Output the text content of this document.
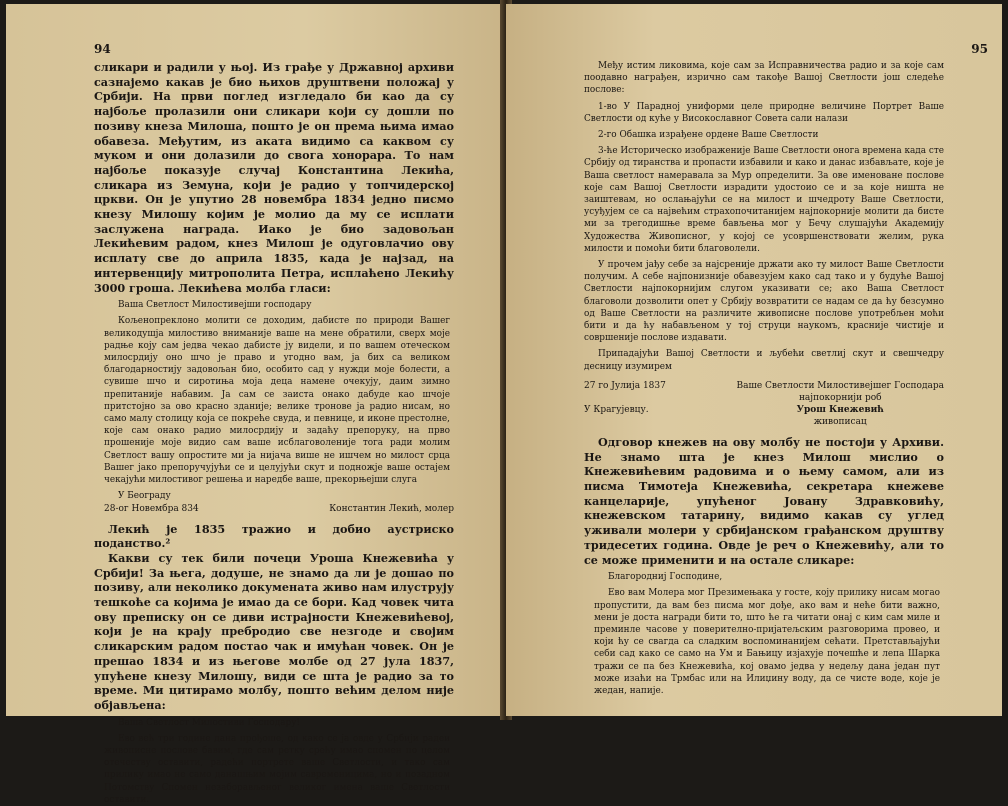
94

сликари и радили у њој. Из грађе у Државној архиви сазнајемо какав је био њихов друштвени положај у Србији. На први поглед изгледало би као да су најбоље пролазили они сликари који су дошли по позиву кнеза Милоша, пошто је он према њима имао обавеза. Међутим, из аката видимо са каквом су муком и они долазили до свога хонорара. То нам најбоље показује случај Константина Лекића, сликара из Земуна, који је радио у топчидерској цркви. Он је упутио 28 новембра 1834 једно писмо кнезу Милошу којим је молио да му се исплати заслужена награда. Иако је био задовољан Лекићевим радом, кнез Милош је одуговлачио ову исплату све до априла 1835, када је најзад, на интервенцију митрополита Петра, исплаћено Лекићу 3000 гроша. Лекићева молба гласи:

Ваша Светлост Милостивејши господару

Кољенопреклоно молити се доходим, дабисте по природи Вашег великодушја милостиво вниманије ваше на мене обратили, сверх моје радње којy сам једва чекао дабисте ју видели, и по вашем отеческом милосрдију оно шчо је право и угодно вам, ја бих са великом благодарностију задовољан био, особито сад у нужди моје болести, а сувише шчо и сиротиња моја деца намене очекују, даим зимно препитаније набавим. Ја сам се заиста онако дабуде као шчоје притстојно за ово красно зданије; велике тронове ја радио нисам, но само малу столицу која се покреће свуда, и певнице, и иконе престолне, које сам онако радио милосрдију и задаћу препоруку, на прво прошеније моје видио сам ваше исблаговоленије тога ради молим Светлост вашу опростите ми ја нијача више не ишчем но милост срца Вашег јако препоручујући се и целујући скут и подножје ваше остајем чекајући милостивог решења и наредбе ваше, прекорњејши слуга

У Београду
28-ог Новембра 834	Константин Лекић, молер

Лекић је 1835 тражио и добио аустриско поданство.²

Какви су тек били почеци Уроша Кнежевића у Србији! За њега, додуше, не знамо да ли је дошао по позиву, али неколико докумената живо нам илуструју тешкоће са којима је имао да се бори. Кад човек чита ову преписку он се диви истрајности Кнежевићевој, који је на крају пребродио све незгоде и својим сликарским радом постао чак и имућан човек. Он је прешао 1834 и из његове молбе од 27 јула 1837, упућене кнезу Милошу, види се шта је радио за то време. Ми цитирамо молбу, пошто већим делом није објављена:

Ваша Светлост Милостиви Господару!

Ево већ три године дана прођоше, од како се ја овде у Србији радеи живописне послове бавим, где сам ретку срећу имао спомен по целом отечеству оставити, радећи портрете ваше Светлости, и тако сам прилику имао не само данашњим мојим савременицима, но и позадном Потомству Спомен незаборављеног великог имена ваше Светлости оставити.

95

Међу истим ликовима, које сам за Исправничества радио и за које сам поодавно награђен, изрично сам такође Вашој Светлости још следеће послове:

1-во У Парадној униформи целе природне величине Портрет Ваше Светлости од куће у Високославног Совета сали налази

2-го Обашка израђене ордене Ваше Светлости

3-ће Историческо изображеније Ваше Светлости онога времена када сте Србију од тиранства и пропасти избавили и како и данас избављате, које је Ваша светлост намеравала за Мур определити. За ове именоване послове које сам Вашој Светлости израдити удостоио се и за које ништа не заиштевам, но ослањајући се на милост и шчедроту Ваше Светлости, усуђујем се са највећим страхопочитанијем најпокорније молити да бисте ми за трегодишње време бављења мог у Бечу слушајући Академију Художества Живописног, у којој се усовршенствовати желим, рука милости и помоћи бити благоволели.

У прочем јађу себе за најсреније држати ако ту милост Ваше Светлости получим. А себе најпонизније обавезујем како сад тако и у будуће Вашој Светлости најпокорнијим слугом указивати се; ако Ваша Светлост благоволи дозволити опет у Србију возвратити се надам се да ћу безсумно од Ваше Светлости на различите живописне послове употребљен моћи бити и да ћу набављеном у тој струци наукомъ, красније чистије и совршеније послове издавати.

Припадајући Вашој Светлости и љубећи светлиј скут и свешчедру десницу изумирем

27 го Јулија 1837
У Крагујевцу.
Ваше Светлости Милостивејшег Господара
најпокорнији роб
Урош Кнежевић
живописац

Одговор кнежев на ову молбу не постоји у Архиви. Не знамо шта је кнез Милош мислио о Кнежевићевим радовима и о њему самом, али из писма Тимотеја Кнежевића, секретара кнежеве канцеларије, упућеног Јовану Здравковићу, кнежевском татарину, видимо какав су углед уживали молери у србијанском грађанском друштву тридесетих година. Овде је реч о Кнежевићу, али то се може применити и на остале сликаре:

Благородниј Господине,

Ево вам Молера мог Презимењака у госте, коју прилику нисам могао пропустити, да вам без писма мог дође, ако вам и неће бити важно, мени је доста награди бити то, што ће га читати онај с ким сам миле и преминле часове у поверително-пријатељским разговорима провео, и који ћу се свагда са сладким воспоминанијем сећати. Претстављајући себи сад како се само на Ум и Бањицу изјахује почешће и лепа Шарка тражи се па без Кнежевића, кој овамо једва у недељу дана један пут може изаћи на Трмбас или на Илиџину воду, да се чисте воде, које је жедан, напије.
